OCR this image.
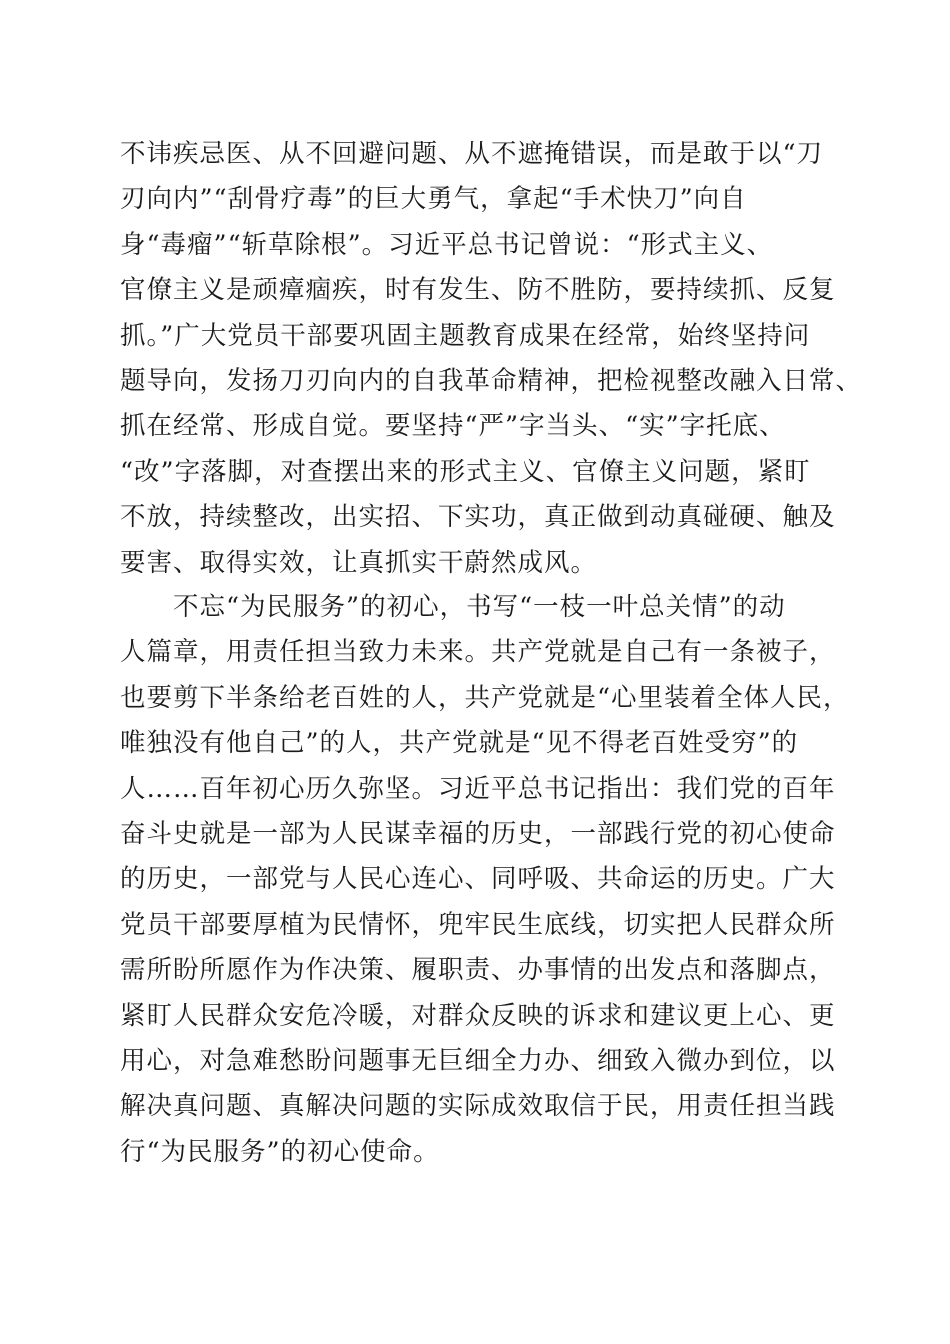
不讳疾忌医、从不回避问题、从不遮掩错误，而是敢于以“刀
刃向内”“刮骨疗毒”的巨大勇气，拿起“手术快刀”向自
身“毒瘤”“斩草除根”。习近平总书记曾说：“形式主义、
官僚主义是顽瘴痼疾，时有发生、防不胜防，要持续抓、反复
抓。”广大党员干部要巩固主题教育成果在经常，始终坚持问
题导向，发扬刀刃向内的自我革命精神，把检视整改融入日常、
抓在经常、形成自觉。要坚持“严”字当头、“实”字托底、
“改”字落脚，对查摆出来的形式主义、官僚主义问题，紧盯
不放，持续整改，出实招、下实功，真正做到动真碰硬、触及
要害、取得实效，让真抓实干蔚然成风。
　　不忘“为民服务”的初心，书写“一枝一叶总关情”的动
人篇章，用责任担当致力未来。共产党就是自己有一条被子，
也要剪下半条给老百姓的人，共产党就是“心里装着全体人民，
唯独没有他自己”的人，共产党就是“见不得老百姓受穷”的
人……百年初心历久弥坚。习近平总书记指出：我们党的百年
奋斗史就是一部为人民谋幸福的历史，一部践行党的初心使命
的历史，一部党与人民心连心、同呼吸、共命运的历史。广大
党员干部要厚植为民情怀，兜牢民生底线，切实把人民群众所
需所盼所愿作为作决策、履职责、办事情的出发点和落脚点，
紧盯人民群众安危冷暖，对群众反映的诉求和建议更上心、更
用心，对急难愁盼问题事无巨细全力办、细致入微办到位，以
解决真问题、真解决问题的实际成效取信于民，用责任担当践
行“为民服务”的初心使命。
